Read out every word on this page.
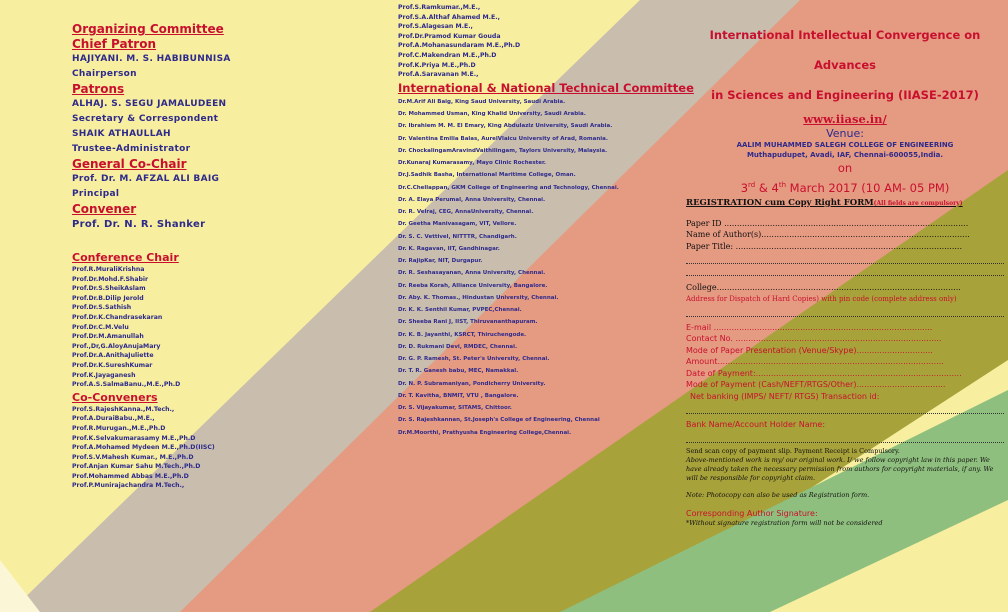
Organizing Committee
Chief Patron
HAJIYANI. M. S. HABIBUNNISA
Chairperson
Patrons
ALHAJ. S. SEGU JAMALUDEEN
Secretary & Correspondent
SHAIK ATHAULLAH
Trustee-Administrator
General Co-Chair
Prof. Dr. M. AFZAL ALI BAIG
Principal
Convener
Prof. Dr. N. R. Shanker
Conference Chair
Prof.R.MuraliKrishna
Prof.Dr.Mohd.F.Shabir
Prof.Dr.S.SheikAslam
Prof.Dr.B.Dilip Jerold
Prof.Dr.S.Sathish
Prof.Dr.K.Chandrasekaran
Prof.Dr.C.M.Velu
Prof.Dr.M.Amanullah
Prof.,Dr,G.AloyAnujaMary
Prof.Dr.A.AnithaJuliette
Prof.Dr.K.SureshKumar
Prof.K.Jayaganesh
Prof.A.S.SalmaBanu.,M.E.,Ph.D
Co-Conveners
Prof.S.RajeshKanna.,M.Tech.,
Prof.A.DuraiBabu.,M.E.,
Prof.R.Murugan.,M.E.,Ph.D
Prof.K.Selvakumarasamy M.E.,Ph.D
Prof.A.Mohamed Mydeen M.E.,Ph.D(IISC)
Prof.S.V.Mahesh Kumar., M.E.,Ph.D
Prof.Anjan Kumar Sahu M.Tech.,Ph.D
Prof.Mohammed Abbas M.E.,Ph.D
Prof.P.Munirajachandra M.Tech.,
Prof.S.Ramkumar.,M.E.,
Prof.S.A.Althaf Ahamed M.E.,
Prof.S.Alagesan M.E.,
Prof.Dr.Pramod Kumar Gouda
Prof.A.Mohanasundaram M.E.,Ph.D
Prof.C.Makendran M.E.,Ph.D
Prof.K.Priya M.E.,Ph.D
Prof.A.Saravanan M.E.,
International & National Technical Committee
Dr.M.Arif Ali Baig, King Saud University, Saudi Arabia.
Dr. Mohammed Usman, King Khalid University, Saudi Arabia.
Dr. Ibrahiem M. M. El Emary, King Abdulaziz University, Saudi Arabia.
Dr. Valentina Emilia Balas, AurelVlaicu University of Arad, Romania.
Dr. ChockalingamAravindVaithilingam, Taylors University, Malaysia.
Dr.Kunaraj Kumarasamy, Mayo Clinic Rochester.
Dr.J.Sadhik Basha, International Maritime College, Oman.
Dr.C.Chellappan, GKM College of Engineering and Technology, Chennai.
Dr. A. Elaya Perumal, Anna University, Chennai.
Dr. R. Velraj, CEG, AnnaUniversity, Chennai.
Dr. Geetha Manivasagam, VIT, Vellore.
Dr. S. C. Vettivel, NITTTR, Chandigarh.
Dr. K. Ragavan, IIT, Gandhinagar.
Dr. RajipKar, NIT, Durgapur.
Dr. R. Seshasayanan, Anna University, Chennai.
Dr. Reeba Korah, Alliance University, Bangalore.
Dr. Aby. K. Thomas., Hindustan University, Chennai.
Dr. K. K. Senthil Kumar, PVPEC,Chennai.
Dr. Sheeba Rani J, IIST, Thiruvananthapuram.
Dr. K. B. Jayanthi, KSRCT, Thiruchengode.
Dr. D. Rukmani Devi, RMDEC, Chennai.
Dr. G. P. Ramesh, St. Peter's University, Chennai.
Dr. T. R. Ganesh babu, MEC, Namakkal.
Dr. N. P. Subramaniyan, Pondicherry University.
Dr. T. Kavitha, BNMIT, VTU , Bangalore.
Dr. S. Vijayakumar, SITAMS, Chittoor.
Dr. S. Rajeshkannan, St.Joseph's College of Engineering, Chennai
Dr.M.Moorthi, Prathyusha Engineering College,Chennai.
International Intellectual Convergence on Advances
in Sciences and Engineering (IIASE-2017)
www.iiase.in/
Venue:
AALIM MUHAMMED SALEGH COLLEGE OF ENGINEERING
Muthapudupet, Avadi, IAF, Chennai-600055,India.
on
3rd & 4th March 2017 (10 AM- 05 PM)
REGISTRATION cum Copy Right FORM(All fields are compulsory)
Paper ID ................................................................................................
Name of Author(s)..................................................................................
Paper Title: .........................................................................................
College................................................................................................
Address for Dispatch of Hard Copies) with pin code (complete address only)
E-mail ......................................................................................
Contact No. .................................................................................
Mode of Paper Presentation (Venue/Skype)..............................
Amount.........................................................................................
Date of Payment:.................................................................................
Mode of Payment (Cash/NEFT/RTGS/Other)...................................
Net banking (IMPS/ NEFT/ RTGS) Transaction id:
Bank Name/Account Holder Name:
Send scan copy of payment slip. Payment Receipt is Compulsory.
Above-mentioned work is my/ our original work. I/ we follow copyright law in this paper. We have already taken the necessary permission from authors for copyright materials, if any. We will be responsible for copyright claim.
Note: Photocopy can also be used as Registration form.
Corresponding Author Signature:
*Without signature registration form will not be considered
